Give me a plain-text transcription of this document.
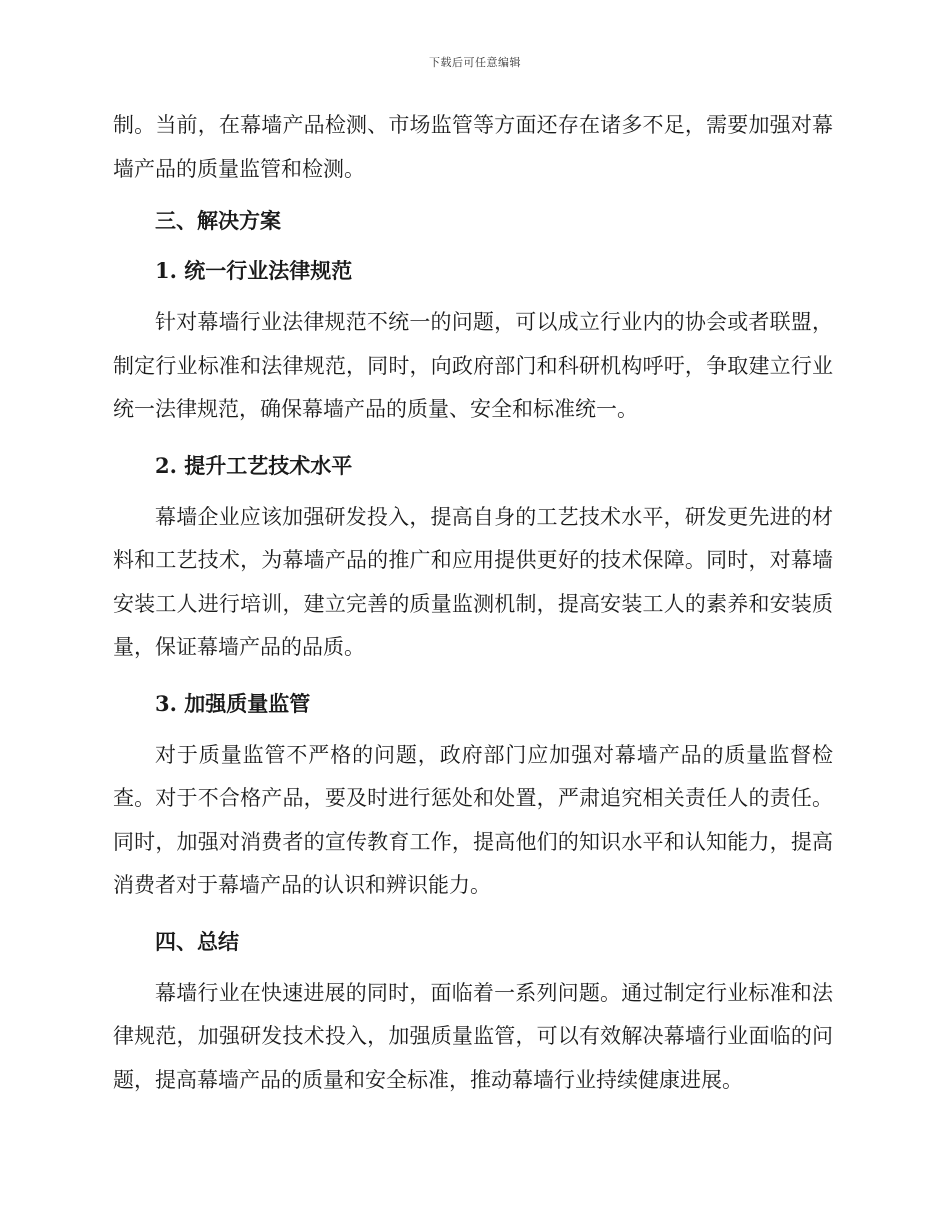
下载后可任意编辑

制。当前，在幕墙产品检测、市场监管等方面还存在诸多不足，需要加强对幕墙产品的质量监管和检测。

三、解决方案
1. 统一行业法律规范

针对幕墙行业法律规范不统一的问题，可以成立行业内的协会或者联盟，制定行业标准和法律规范，同时，向政府部门和科研机构呼吁，争取建立行业统一法律规范，确保幕墙产品的质量、安全和标准统一。

2. 提升工艺技术水平

幕墙企业应该加强研发投入，提高自身的工艺技术水平，研发更先进的材料和工艺技术，为幕墙产品的推广和应用提供更好的技术保障。同时，对幕墙安装工人进行培训，建立完善的质量监测机制，提高安装工人的素养和安装质量，保证幕墙产品的品质。

3. 加强质量监管

对于质量监管不严格的问题，政府部门应加强对幕墙产品的质量监督检查。对于不合格产品，要及时进行惩处和处置，严肃追究相关责任人的责任。同时，加强对消费者的宣传教育工作，提高他们的知识水平和认知能力，提高消费者对于幕墙产品的认识和辨识能力。

四、总结

幕墙行业在快速进展的同时，面临着一系列问题。通过制定行业标准和法律规范，加强研发技术投入，加强质量监管，可以有效解决幕墙行业面临的问题，提高幕墙产品的质量和安全标准，推动幕墙行业持续健康进展。
